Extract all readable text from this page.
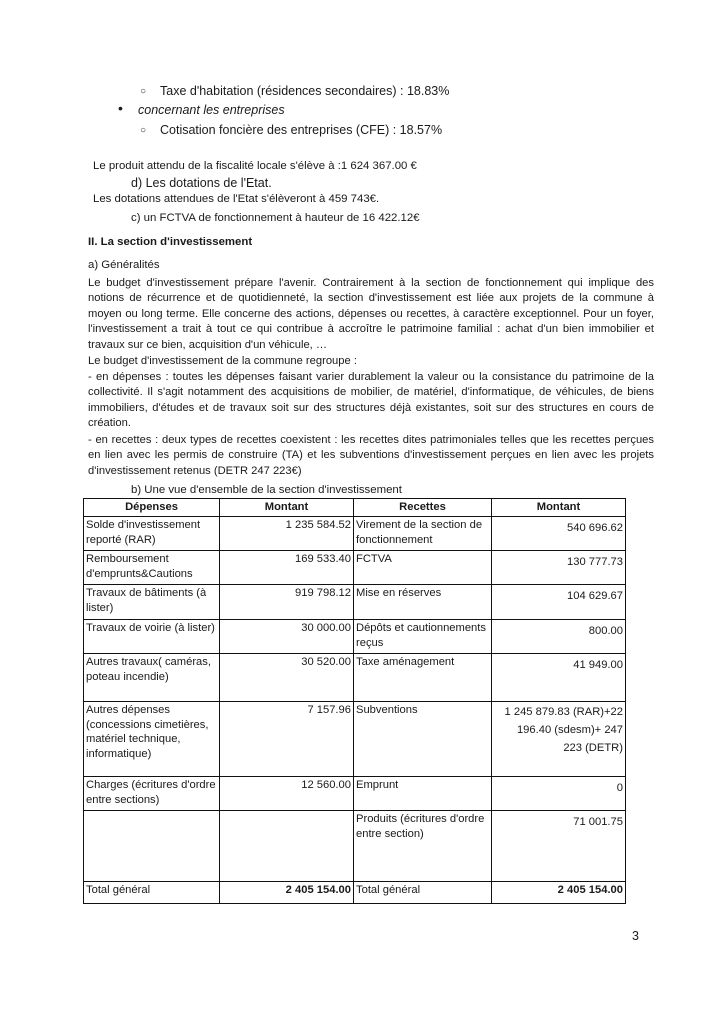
○ Taxe d'habitation (résidences secondaires) : 18.83%
• concernant les entreprises
○ Cotisation foncière des entreprises (CFE) : 18.57%
Le produit attendu de la fiscalité locale s'élève à :1 624 367.00 €
d) Les dotations de l'Etat.
Les dotations attendues de l'Etat s'élèveront à 459 743€.
c) un FCTVA de fonctionnement à hauteur de 16 422.12€
II. La section d'investissement
a) Généralités
Le budget d'investissement prépare l'avenir. Contrairement à la section de fonctionnement qui implique des notions de récurrence et de quotidienneté, la section d'investissement est liée aux projets de la commune à moyen ou long terme. Elle concerne des actions, dépenses ou recettes, à caractère exceptionnel. Pour un foyer, l'investissement a trait à tout ce qui contribue à accroître le patrimoine familial : achat d'un bien immobilier et travaux sur ce bien, acquisition d'un véhicule, …
Le budget d'investissement de la commune regroupe :
- en dépenses : toutes les dépenses faisant varier durablement la valeur ou la consistance du patrimoine de la collectivité. Il s'agit notamment des acquisitions de mobilier, de matériel, d'informatique, de véhicules, de biens immobiliers, d'études et de travaux soit sur des structures déjà existantes, soit sur des structures en cours de création.
- en recettes : deux types de recettes coexistent : les recettes dites patrimoniales telles que les recettes perçues en lien avec les permis de construire (TA) et les subventions d'investissement perçues en lien avec les projets d'investissement retenus (DETR 247 223€)
b) Une vue d'ensemble de la section d'investissement
Dépenses	Montant	Recettes	Montant
Solde d'investissement reporté (RAR)	1 235 584.52	Virement de la section de fonctionnement	540 696.62
Remboursement d'emprunts&Cautions	169 533.40	FCTVA	130 777.73
Travaux de bâtiments (à lister)	919 798.12	Mise en réserves	104 629.67
Travaux de voirie (à lister)	30 000.00	Dépôts et cautionnements reçus	800.00
Autres travaux( caméras, poteau incendie)	30 520.00	Taxe aménagement	41 949.00
Autres dépenses (concessions cimetières, matériel technique, informatique)	7 157.96	Subventions	1 245 879.83 (RAR)+22 196.40 (sdesm)+ 247 223 (DETR)
Charges (écritures d'ordre entre sections)	12 560.00	Emprunt	0
		Produits (écritures d'ordre entre section)	71 001.75
Total général	2 405 154.00	Total général	2 405 154.00
3
